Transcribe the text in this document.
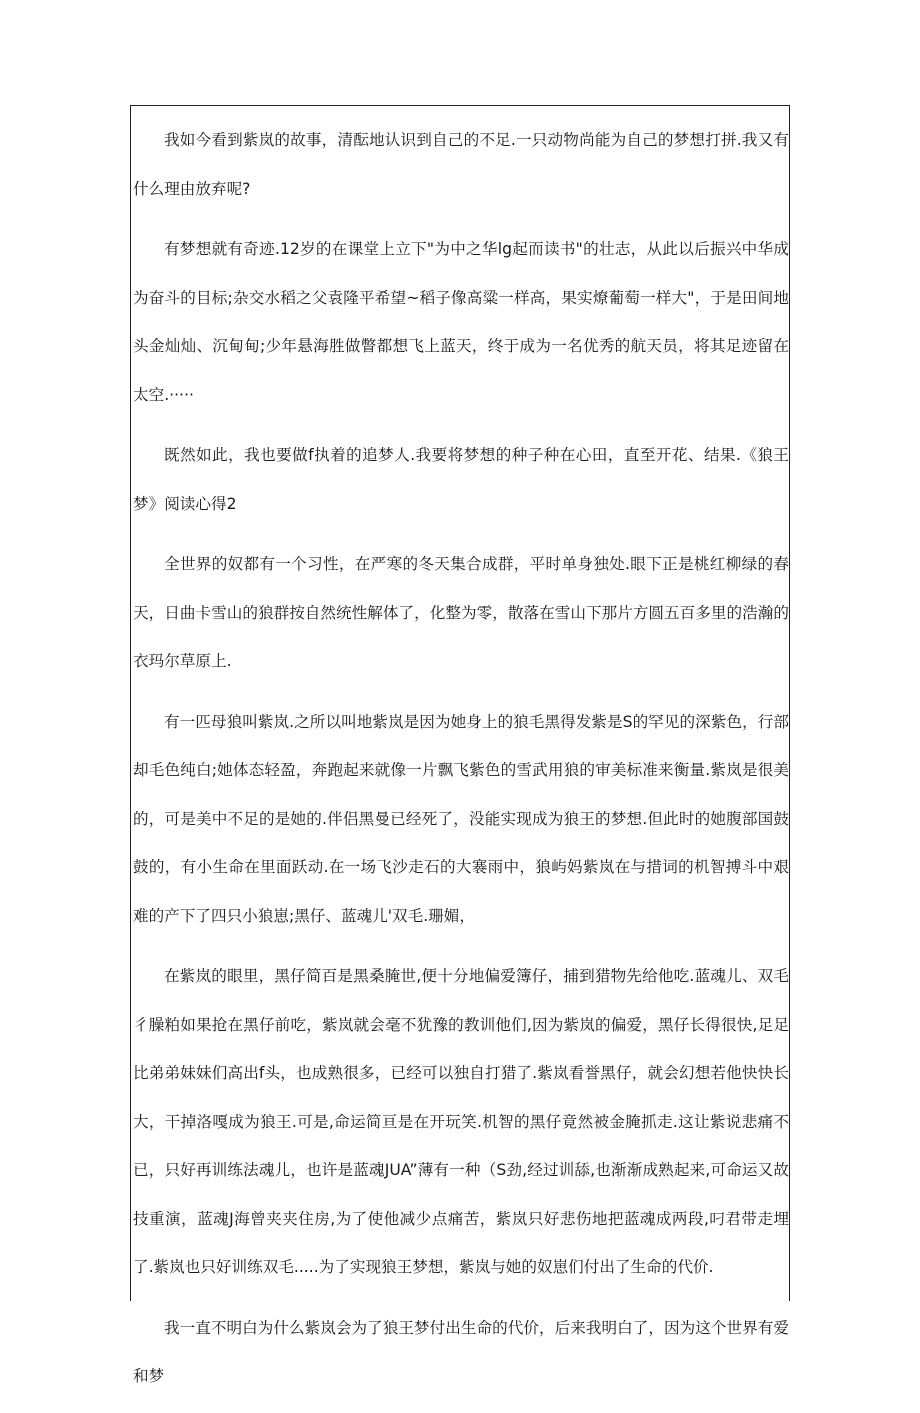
我如今看到紫岚的故事，清酝地认识到自己的不足.一只动物尚能为自己的梦想打拼.我又有什么理由放弃呢?

有梦想就有奇迹.12岁的在课堂上立下"为中之华lg起而读书"的壮志，从此以后振兴中华成为奋斗的目标;杂交水稻之父袁隆平希望~稻子像高粱一样高，果实燎葡萄一样大"，于是田间地头金灿灿、沉甸甸;少年悬海胜做瞥都想飞上蓝天，终于成为一名优秀的航天员，将其足迹留在太空.·····

既然如此，我也要做f执着的追梦人.我要将梦想的种子种在心田，直至开花、结果.《狼王梦》阅读心得2

全世界的奴都有一个习性，在严寒的冬天集合成群，平时单身独处.眼下正是桃红柳绿的春天，日曲卡雪山的狼群按自然统性解体了，化整为零，散落在雪山下那片方圆五百多里的浩瀚的衣玛尔草原上.

有一匹母狼叫紫岚.之所以叫地紫岚是因为她身上的狼毛黑得发紫是S的罕见的深紫色，行部却毛色纯白;她体态轻盈，奔跑起来就像一片飘飞紫色的雪武用狼的审美标准来衡量.紫岚是很美的，可是美中不足的是她的.伴侣黑曼已经死了，没能实现成为狼王的梦想.但此时的她腹部国鼓鼓的，有小生命在里面跃动.在一场飞沙走石的大褰雨中，狼屿妈紫岚在与措词的机智搏斗中艰难的产下了四只小狼崽;黑仔、蓝魂儿'双毛.珊媚，

在紫岚的眼里，黑仔简百是黑桑腌世,便十分地偏爱簿仔，捕到猎物先给他吃.蓝魂儿、双毛彳臊粕如果抢在黑仔前吃，紫岚就会毫不犹豫的教训他们,因为紫岚的偏爱，黑仔长得很快,足足比弟弟妹妹们高出f头，也成熟很多，已经可以独自打猎了.紫岚看誉黑仔，就会幻想若他快快长大，干掉洛嘎成为狼王.可是,命运简亘是在开玩笑.机智的黑仔竟然被金腌抓走.这让紫说悲痛不已，只好再训练法魂儿，也许是蓝魂JUA”薄有一种（S劲,经过训舔,也渐渐成熟起来,可命运又故技重演，蓝魂J海曾夹夹住房,为了使他减少点痛苦，紫岚只好悲伤地把蓝魂成两段,叼君带走埋了.紫岚也只好训练双毛.....为了实现狼王梦想，紫岚与她的奴崽们付出了生命的代价.

我一直不明白为什么紫岚会为了狼王梦付出生命的代价，后来我明白了，因为这个世界有爱和梦
